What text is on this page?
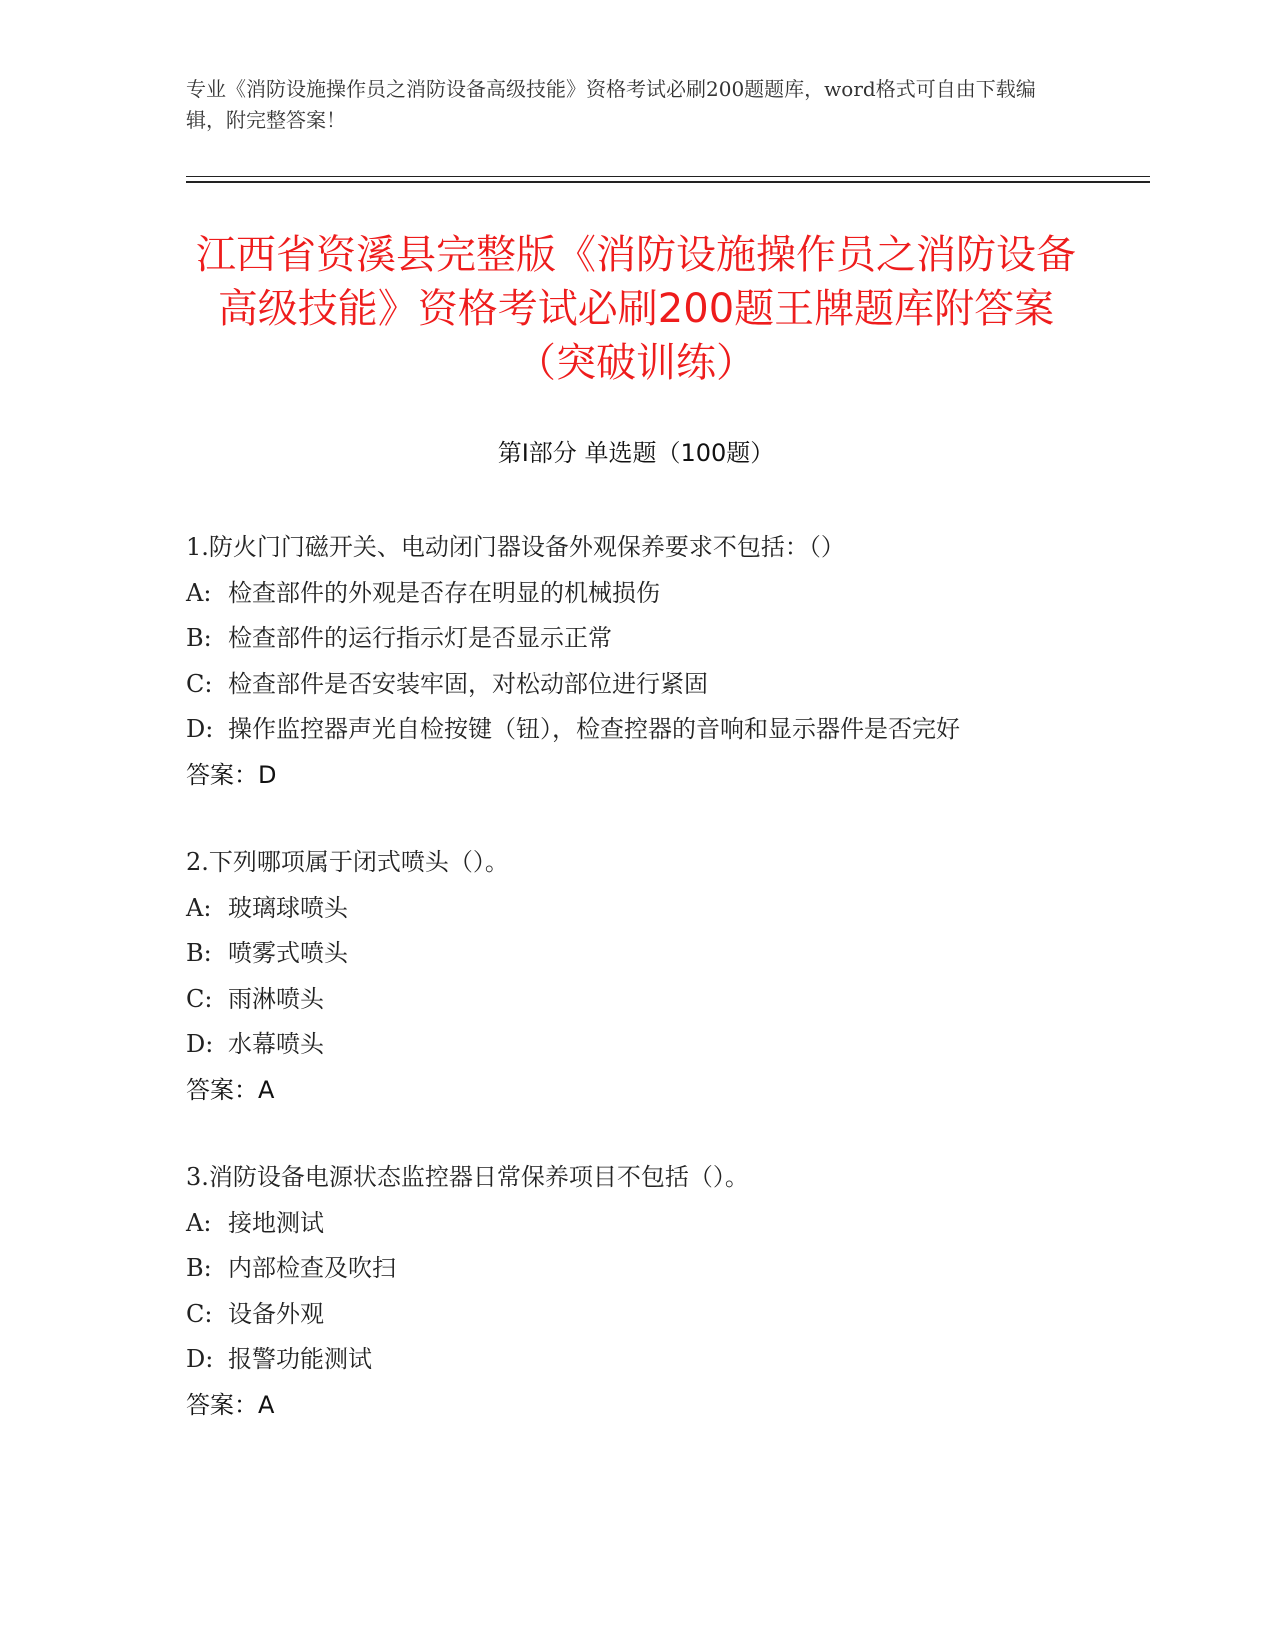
专业《消防设施操作员之消防设备高级技能》资格考试必刷200题题库，word格式可自由下载编辑，附完整答案！
江西省资溪县完整版《消防设施操作员之消防设备高级技能》资格考试必刷200题王牌题库附答案（突破训练）
第Ⅰ部分 单选题（100题）
1.防火门门磁开关、电动闭门器设备外观保养要求不包括：（）
A: 检查部件的外观是否存在明显的机械损伤
B: 检查部件的运行指示灯是否显示正常
C: 检查部件是否安装牢固，对松动部位进行紧固
D: 操作监控器声光自检按键（钮），检查控器的音响和显示器件是否完好
答案：D
2.下列哪项属于闭式喷头（）。
A: 玻璃球喷头
B: 喷雾式喷头
C: 雨淋喷头
D: 水幕喷头
答案：A
3.消防设备电源状态监控器日常保养项目不包括（）。
A: 接地测试
B: 内部检查及吹扫
C: 设备外观
D: 报警功能测试
答案：A
